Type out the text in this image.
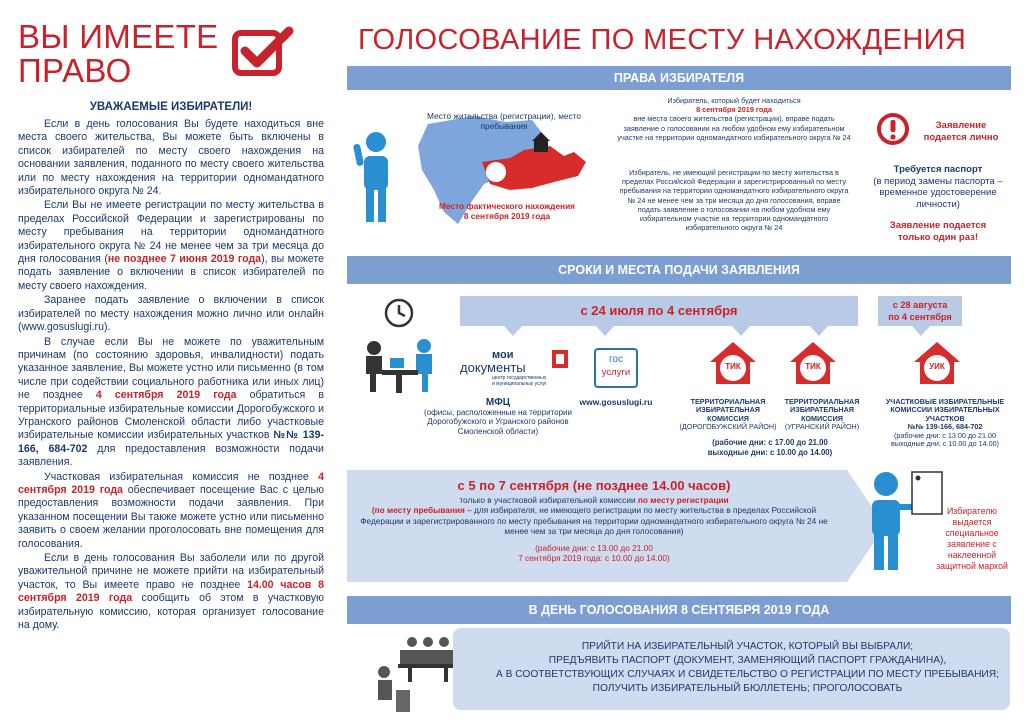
ВЫ ИМЕЕТЕ
ПРАВО
УВАЖАЕМЫЕ ИЗБИРАТЕЛИ!

Если в день голосования Вы будете находиться вне места своего жительства, Вы можете быть включены в список избирателей по месту своего нахождения на основании заявления, поданного по месту своего жительства или по месту нахождения на территории одномандатного избирательного округа № 24.

Если Вы не имеете регистрации по месту жительства в пределах Российской Федерации и зарегистрированы по месту пребывания на территории одномандатного избирательного округа № 24 не менее чем за три месяца до дня голосования (не позднее 7 июня 2019 года), вы можете подать заявление о включении в список избирателей по месту своего нахождения.

Заранее подать заявление о включении в список избирателей по месту нахождения можно лично или онлайн (www.gosuslugi.ru).

В случае если Вы не можете по уважительным причинам (по состоянию здоровья, инвалидности) подать указанное заявление, Вы можете устно или письменно (в том числе при содействии социального работника или иных лиц) не позднее 4 сентября 2019 года обратиться в территориальные избирательные комиссии Дорогобужского и Угранского районов Смоленской области либо участковые избирательные комиссии избирательных участков №№ 139-166, 684-702 для предоставления возможности подачи заявления.

Участковая избирательная комиссия не позднее 4 сентября 2019 года обеспечивает посещение Вас с целью предоставления возможности подачи заявления. При указанном посещении Вы также можете устно или письменно заявить о своем желании проголосовать вне помещения для голосования.

Если в день голосования Вы заболели или по другой уважительной причине не можете прийти на избирательный участок, то Вы имеете право не позднее 14.00 часов 8 сентября 2019 года сообщить об этом в участковую избирательную комиссию, которая организует голосование на дому.

ГОЛОСОВАНИЕ ПО МЕСТУ НАХОЖДЕНИЯ
ПРАВА ИЗБИРАТЕЛЯ
Место жительства (регистрации), место пребывания
Место фактического нахождения
8 сентября 2019 года
Избиратель, который будет находиться
8 сентября 2019 года
вне места своего жительства (регистрации), вправе подать заявление о голосовании на любом удобном ему избирательном участке на территории одномандатного избирательного округа № 24
Избиратель, не имеющий регистрации по месту жительства в пределах Российской Федерации и зарегистрированный по месту пребывания на территории одномандатного избирательного округа № 24 не менее чем за три месяца до дня голосования, вправе подать заявление о голосовании на любом удобном ему избирательном участке на территории одномандатного избирательного округа № 24
Заявление
подается лично
Требуется паспорт
(в период замены паспорта – временное удостоверение личности)
Заявление подается
только один раз!
СРОКИ И МЕСТА ПОДАЧИ ЗАЯВЛЕНИЯ
с 24 июля по 4 сентября	с 28 августа
по 4 сентября
мои
документы
центр государственных и муниципальных услуг
МФЦ
(офисы, расположенные на территории Дорогобужского и Угранского районов Смоленской области)
гос
услуги
www.gosuslugi.ru
ТИК	ТИК	УИК
ТЕРРИТОРИАЛЬНАЯ ИЗБИРАТЕЛЬНАЯ КОМИССИЯ
(ДОРОГОБУЖСКИЙ РАЙОН)
ТЕРРИТОРИАЛЬНАЯ ИЗБИРАТЕЛЬНАЯ КОМИССИЯ
(УГРАНСКИЙ РАЙОН)
(рабочие дни: с 17.00 до 21.00
выходные дни: с 10.00 до 14.00)
УЧАСТКОВЫЕ ИЗБИРАТЕЛЬНЫЕ КОМИССИИ ИЗБИРАТЕЛЬНЫХ УЧАСТКОВ
№№ 139-166, 684-702
(рабочие дни: с 13.00 до 21.00
выходные дни: с 10.00 до 14.00)
с 5 по 7 сентября (не позднее 14.00 часов)
только в участковой избирательной комиссии по месту регистрации
(по месту пребывания – для избирателя, не имеющего регистрации по месту жительства в пределах Российской Федерации и зарегистрированного по месту пребывания на территории одномандатного избирательного округа № 24 не менее чем за три месяца до дня голосования)
(рабочие дни: с 13.00 до 21.00
7 сентября 2019 года: с 10.00 до 14.00)
Избирателю выдается специальное заявление с наклеенной защитной маркой
В ДЕНЬ ГОЛОСОВАНИЯ 8 СЕНТЯБРЯ 2019 ГОДА
ПРИЙТИ НА ИЗБИРАТЕЛЬНЫЙ УЧАСТОК, КОТОРЫЙ ВЫ ВЫБРАЛИ;
ПРЕДЪЯВИТЬ ПАСПОРТ (ДОКУМЕНТ, ЗАМЕНЯЮЩИЙ ПАСПОРТ ГРАЖДАНИНА),
А В СООТВЕТСТВУЮЩИХ СЛУЧАЯХ И СВИДЕТЕЛЬСТВО О РЕГИСТРАЦИИ ПО МЕСТУ ПРЕБЫВАНИЯ;
ПОЛУЧИТЬ ИЗБИРАТЕЛЬНЫЙ БЮЛЛЕТЕНЬ; ПРОГОЛОСОВАТЬ
